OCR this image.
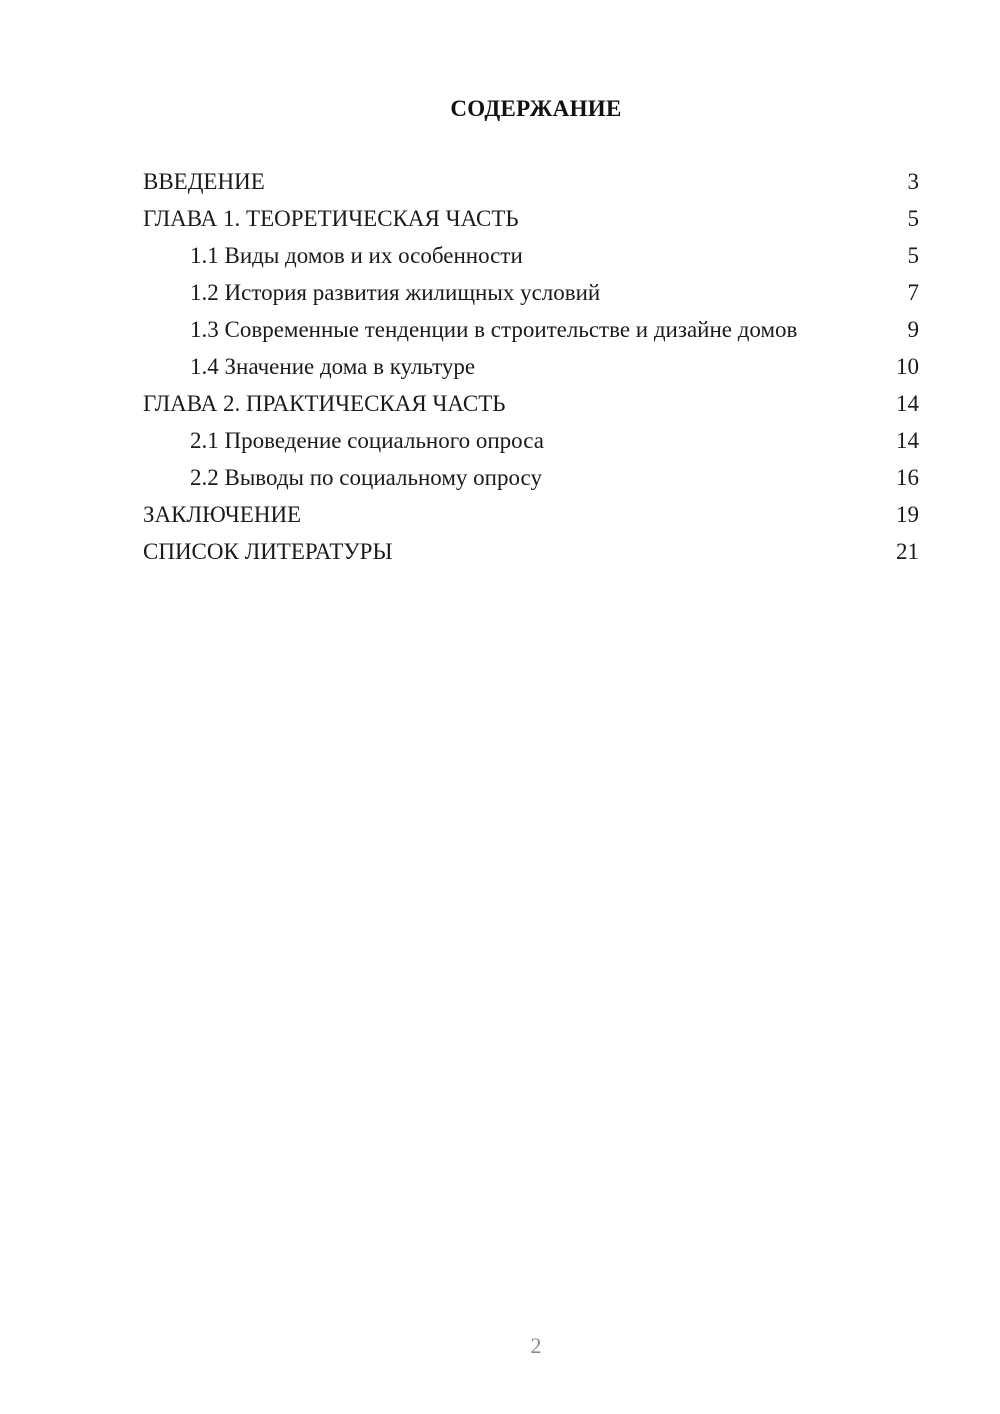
СОДЕРЖАНИЕ
ВВЕДЕНИЕ	3
ГЛАВА 1. ТЕОРЕТИЧЕСКАЯ ЧАСТЬ	5
1.1 Виды домов и их особенности	5
1.2 История развития жилищных условий	7
1.3 Современные тенденции в строительстве и дизайне домов	9
1.4 Значение дома в культуре	10
ГЛАВА 2. ПРАКТИЧЕСКАЯ ЧАСТЬ	14
2.1 Проведение социального опроса	14
2.2 Выводы по социальному опросу	16
ЗАКЛЮЧЕНИЕ	19
СПИСОК ЛИТЕРАТУРЫ	21
2
